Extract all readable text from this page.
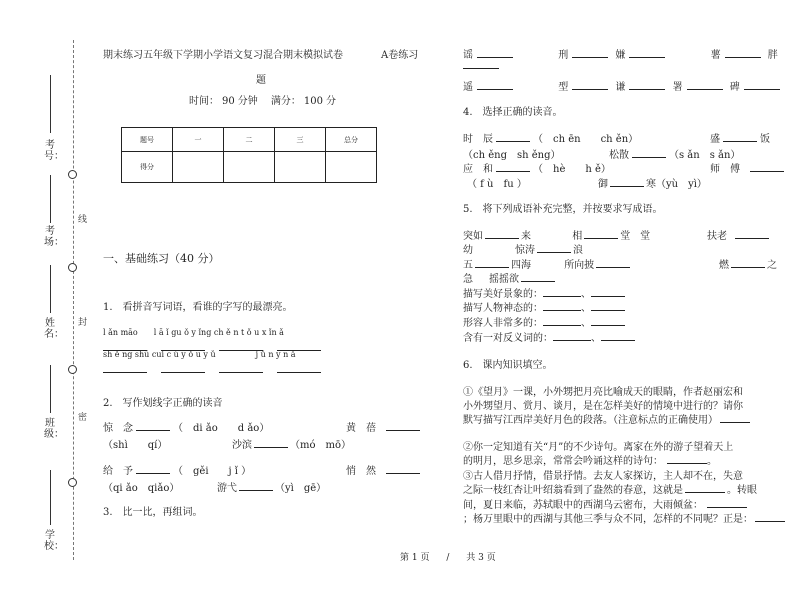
考号：
考场：
姓名：
班级：
学校：
线
封
密
期末练习五年级下学期小学语文复习混合期末模拟试卷	A卷练习
题
时间： 90 分钟 满分： 100 分
题号	一	二	三	总分
得分				
一、基础练习（40 分）
1.　看拼音写词语，看谁的字写的最漂亮。
l ǎn māo　　l ā ǐ gu ǒ y ǐng ch ě n t ǒ u x ǐn ǎ
sh ě ng shū cui c ù y ǒ u y ǔ　　　　　j ǔ n y n ǎ
2.　写作划线字正确的读音
惊　念	（　di ǎo　　d ǎo）	黄　蓓
（shì　　qí）	沙滨	（mó　mō）
给　予	（　gěi　　j ǐ ）	悄　然
（qi ǎo　qiǎo）	游弋	（yì　gē）
3.　比一比，再组词。
谣	刑	嫌	薯	胖
遥	型	谦	署	碑
4.　选择正确的读音。
时　辰	（　ch ēn　　ch ěn）	盛	饭
（ch ěng　sh ěng）	松散	（s ǎn　s ǎn）
应　和	（　hè　　h ě）	师　傅
（ f ù　fu ）	御	寒（yù　yì）
5.　将下列成语补充完整，并按要求写成语。
突如	来	相	堂　堂	扶老
幼	惊涛	浪
五	四海	所向披	燃	之
急 摇摇欲
描写美好景象的：	、
描写人物神态的：	、
形容人非常多的：	、
含有一对反义词的：	、
6.　课内知识填空。
①《望月》一课，小外甥把月亮比喻成天的眼睛，作者赵丽宏和
小外甥望月、赏月、谈月，是在怎样美好的情境中进行的？请你
默写描写江西岸美好月色的段落。（注意标点的正确使用）
②你一定知道有关“月”的不少诗句。离家在外的游子望着天上
的明月，思乡思亲，常常会吟诵这样的诗句：	。
③古人借月抒情，借景抒情。去友人家探访，主人却不在，失意
之际一枝红杏让叶绍翁看到了盎然的春意，这就是	。转眼
间，夏日来临，苏轼眼中的西湖乌云密布，大雨倾盆：
；杨万里眼中的西湖与其他三季与众不同，怎样的不同呢？正是：
第 1 页 / 共 3 页
